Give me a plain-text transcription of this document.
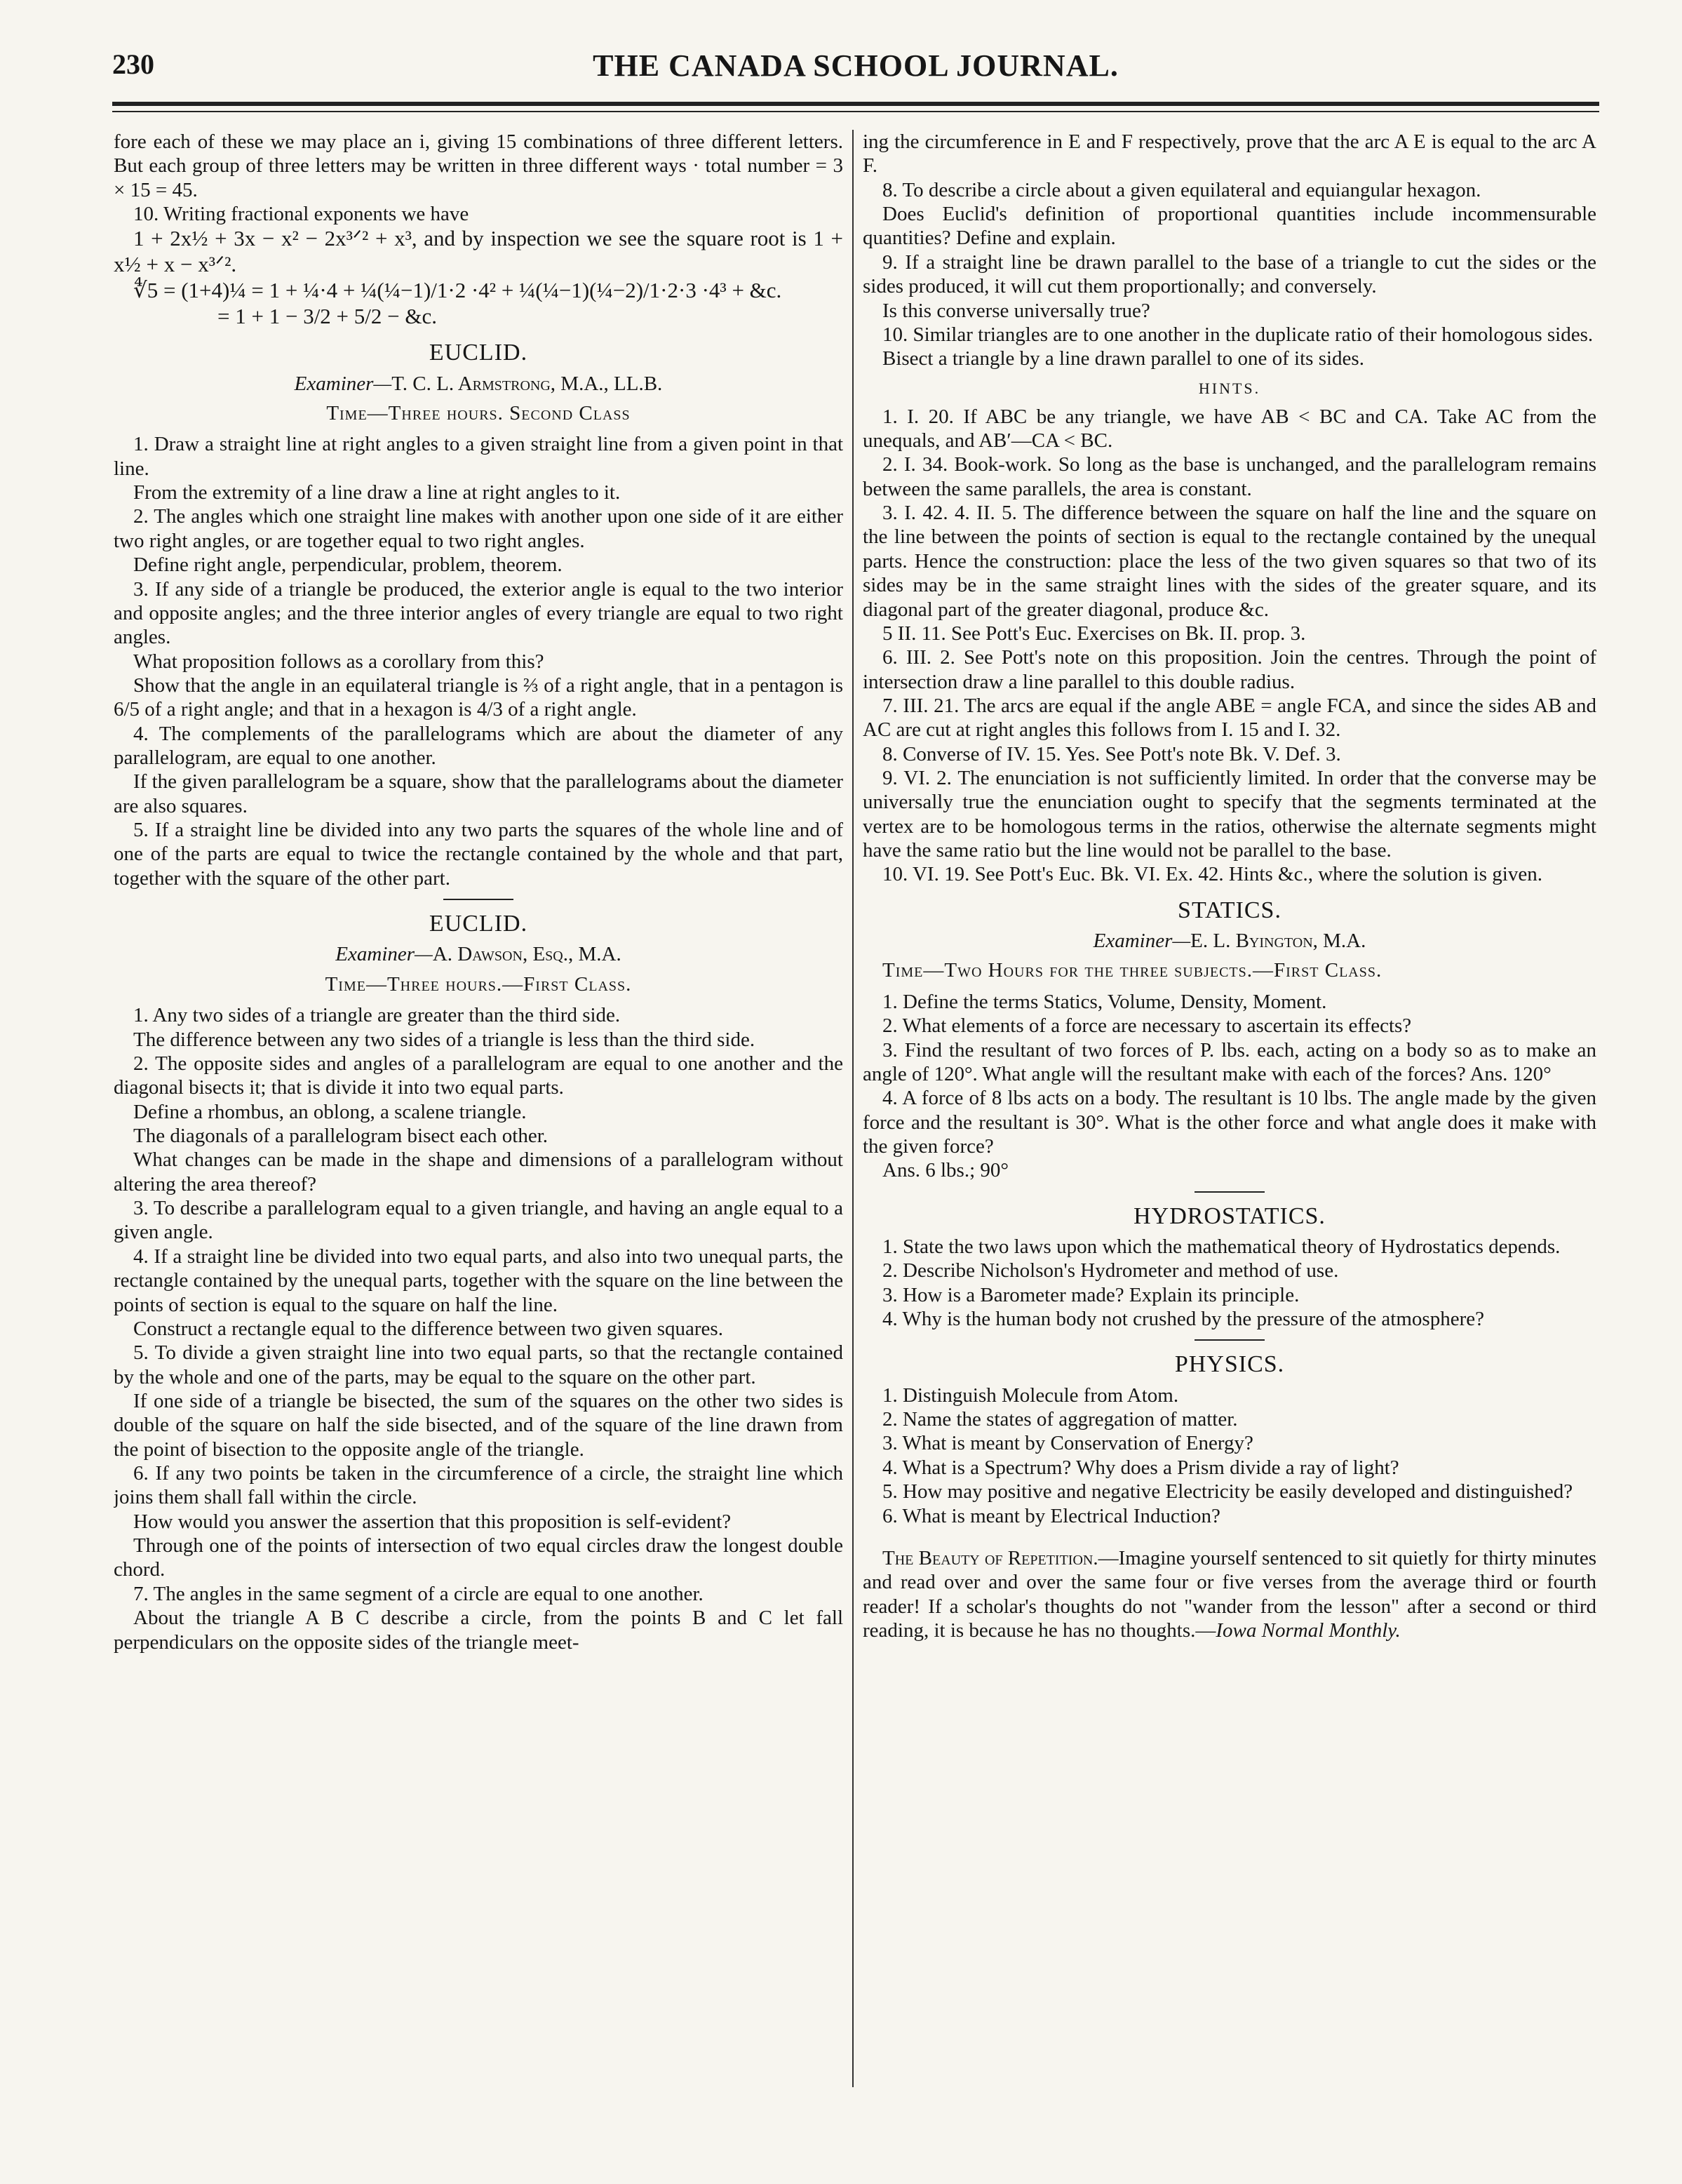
230	THE CANADA SCHOOL JOURNAL.

fore each of these we may place an i, giving 15 combinations of three different letters. But each group of three letters may be written in three different ways · total number = 3 × 15 = 45.

10. Writing fractional exponents we have

1 + 2x½ + 3x − x² − 2x³ᐟ² + x³, and by inspection we see the square root is 1 + x½ + x − x³ᐟ².

∜5 = (1+4)¼ = 1 + ¼·4 + ¼(¼−1)/1·2 ·4² + ¼(¼−1)(¼−2)/1·2·3 ·4³ + &c.

= 1 + 1 − 3/2 + 5/2 − &c.

EUCLID.
Examiner—T. C. L. Armstrong, M.A., LL.B.
Time—Three hours. Second Class

1. Draw a straight line at right angles to a given straight line from a given point in that line.

From the extremity of a line draw a line at right angles to it.

2. The angles which one straight line makes with another upon one side of it are either two right angles, or are together equal to two right angles.

Define right angle, perpendicular, problem, theorem.

3. If any side of a triangle be produced, the exterior angle is equal to the two interior and opposite angles; and the three interior angles of every triangle are equal to two right angles.

What proposition follows as a corollary from this?

Show that the angle in an equilateral triangle is ⅔ of a right angle, that in a pentagon is 6/5 of a right angle; and that in a hexagon is 4/3 of a right angle.

4. The complements of the parallelograms which are about the diameter of any parallelogram, are equal to one another.

If the given parallelogram be a square, show that the parallelograms about the diameter are also squares.

5. If a straight line be divided into any two parts the squares of the whole line and of one of the parts are equal to twice the rectangle contained by the whole and that part, together with the square of the other part.

EUCLID.
Examiner—A. Dawson, Esq., M.A.
Time—Three hours.—First Class.

1. Any two sides of a triangle are greater than the third side.

The difference between any two sides of a triangle is less than the third side.

2. The opposite sides and angles of a parallelogram are equal to one another and the diagonal bisects it; that is divide it into two equal parts.

Define a rhombus, an oblong, a scalene triangle.

The diagonals of a parallelogram bisect each other.

What changes can be made in the shape and dimensions of a parallelogram without altering the area thereof?

3. To describe a parallelogram equal to a given triangle, and having an angle equal to a given angle.

4. If a straight line be divided into two equal parts, and also into two unequal parts, the rectangle contained by the unequal parts, together with the square on the line between the points of section is equal to the square on half the line.

Construct a rectangle equal to the difference between two given squares.

5. To divide a given straight line into two equal parts, so that the rectangle contained by the whole and one of the parts, may be equal to the square on the other part.

If one side of a triangle be bisected, the sum of the squares on the other two sides is double of the square on half the side bisected, and of the square of the line drawn from the point of bisection to the opposite angle of the triangle.

6. If any two points be taken in the circumference of a circle, the straight line which joins them shall fall within the circle.

How would you answer the assertion that this proposition is self-evident?

Through one of the points of intersection of two equal circles draw the longest double chord.

7. The angles in the same segment of a circle are equal to one another.

About the triangle A B C describe a circle, from the points B and C let fall perpendiculars on the opposite sides of the triangle meet-

ing the circumference in E and F respectively, prove that the arc A E is equal to the arc A F.

8. To describe a circle about a given equilateral and equiangular hexagon.

Does Euclid's definition of proportional quantities include incommensurable quantities? Define and explain.

9. If a straight line be drawn parallel to the base of a triangle to cut the sides or the sides produced, it will cut them proportionally; and conversely.

Is this converse universally true?

10. Similar triangles are to one another in the duplicate ratio of their homologous sides.

Bisect a triangle by a line drawn parallel to one of its sides.

HINTS.

1. I. 20. If ABC be any triangle, we have AB < BC and CA. Take AC from the unequals, and AB′—CA < BC.

2. I. 34. Book-work. So long as the base is unchanged, and the parallelogram remains between the same parallels, the area is constant.

3. I. 42. 4. II. 5. The difference between the square on half the line and the square on the line between the points of section is equal to the rectangle contained by the unequal parts. Hence the construction: place the less of the two given squares so that two of its sides may be in the same straight lines with the sides of the greater square, and its diagonal part of the greater diagonal, produce &c.

5 II. 11. See Pott's Euc. Exercises on Bk. II. prop. 3.

6. III. 2. See Pott's note on this proposition. Join the centres. Through the point of intersection draw a line parallel to this double radius.

7. III. 21. The arcs are equal if the angle ABE = angle FCA, and since the sides AB and AC are cut at right angles this follows from I. 15 and I. 32.

8. Converse of IV. 15. Yes. See Pott's note Bk. V. Def. 3.

9. VI. 2. The enunciation is not sufficiently limited. In order that the converse may be universally true the enunciation ought to specify that the segments terminated at the vertex are to be homologous terms in the ratios, otherwise the alternate segments might have the same ratio but the line would not be parallel to the base.

10. VI. 19. See Pott's Euc. Bk. VI. Ex. 42. Hints &c., where the solution is given.

STATICS.
Examiner—E. L. Byington, M.A.
Time—Two Hours for the three subjects.—First Class.

1. Define the terms Statics, Volume, Density, Moment.

2. What elements of a force are necessary to ascertain its effects?

3. Find the resultant of two forces of P. lbs. each, acting on a body so as to make an angle of 120°. What angle will the resultant make with each of the forces? Ans. 120°

4. A force of 8 lbs acts on a body. The resultant is 10 lbs. The angle made by the given force and the resultant is 30°. What is the other force and what angle does it make with the given force?

Ans. 6 lbs.; 90°

HYDROSTATICS.

1. State the two laws upon which the mathematical theory of Hydrostatics depends.

2. Describe Nicholson's Hydrometer and method of use.

3. How is a Barometer made? Explain its principle.

4. Why is the human body not crushed by the pressure of the atmosphere?

PHYSICS.

1. Distinguish Molecule from Atom.

2. Name the states of aggregation of matter.

3. What is meant by Conservation of Energy?

4. What is a Spectrum? Why does a Prism divide a ray of light?

5. How may positive and negative Electricity be easily developed and distinguished?

6. What is meant by Electrical Induction?

The Beauty of Repetition.—Imagine yourself sentenced to sit quietly for thirty minutes and read over and over the same four or five verses from the average third or fourth reader! If a scholar's thoughts do not "wander from the lesson" after a second or third reading, it is because he has no thoughts.—Iowa Normal Monthly.
